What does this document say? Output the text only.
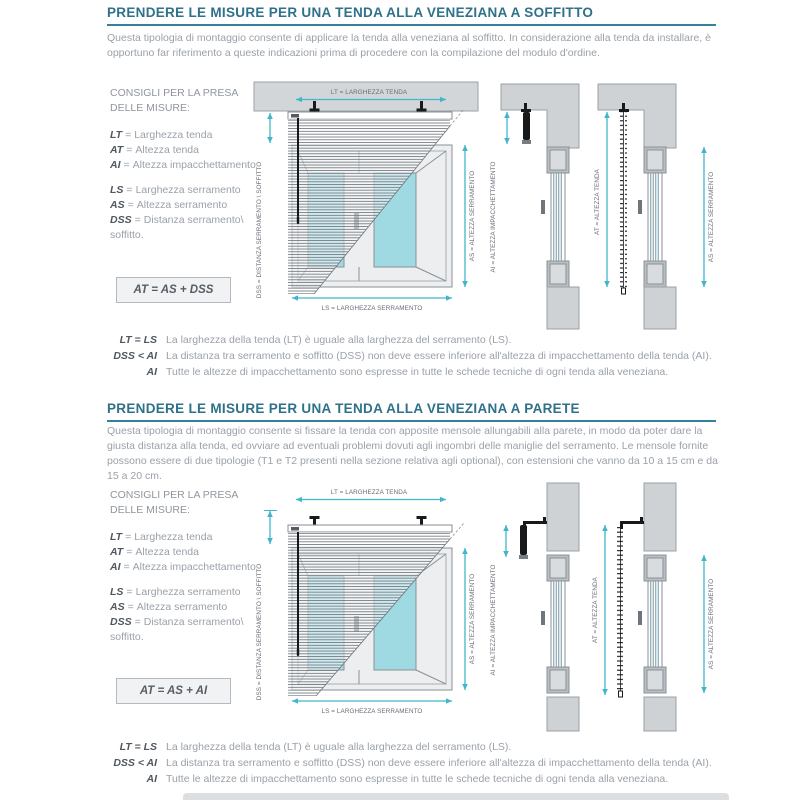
PRENDERE LE MISURE PER UNA TENDA ALLA VENEZIANA A SOFFITTO

Questa tipologia di montaggio consente di applicare la tenda alla veneziana al soffitto. In considerazione alla tenda da installare, è opportuno far riferimento a queste indicazioni prima di procedere con la compilazione del modulo d'ordine.

CONSIGLI PER LA PRESA
DELLE MISURE:
LT = Larghezza tenda
AT = Altezza tenda
AI = Altezza impacchettamento
LS = Larghezza serramento
AS = Altezza serramento
DSS = Distanza serramento\
soffitto.
AT = AS + DSS
LT = LARGHEZZA TENDA
DSS = DISTANZA SERRAMENTO \ SOFFITTO	AS = ALTEZZA SERRAMENTO
LS = LARGHEZZA SERRAMENTO
AI = ALTEZZA IMPACCHETTAMENTO	AT = ALTEZZA TENDA	AS = ALTEZZA SERRAMENTO
LT = LS La larghezza della tenda (LT) è uguale alla larghezza del serramento (LS).
DSS < AI La distanza tra serramento e soffitto (DSS) non deve essere inferiore all'altezza di impacchettamento della tenda (AI).
AI Tutte le altezze di impacchettamento sono espresse in tutte le schede tecniche di ogni tenda alla veneziana.
PRENDERE LE MISURE PER UNA TENDA ALLA VENEZIANA A PARETE

Questa tipologia di montaggio consente si fissare la tenda con apposite mensole allungabili alla parete, in modo da poter dare la giusta distanza alla tenda, ed ovviare ad eventuali problemi dovuti agli ingombri delle maniglie del serramento. Le mensole fornite possono essere di due tipologie (T1 e T2 presenti nella sezione relativa agli optional), con estensioni che vanno da 10 a 15 cm e da 15 a 20 cm.

CONSIGLI PER LA PRESA
DELLE MISURE:
LT = Larghezza tenda
AT = Altezza tenda
AI = Altezza impacchettamento
LS = Larghezza serramento
AS = Altezza serramento
DSS = Distanza serramento\
soffitto.
AT = AS + AI
LT = LARGHEZZA TENDA
DSS = DISTANZA SERRAMENTO \ SOFFITTO	AS = ALTEZZA SERRAMENTO
LS = LARGHEZZA SERRAMENTO
AI = ALTEZZA IMPACCHETTAMENTO	AT = ALTEZZA TENDA	AS = ALTEZZA SERRAMENTO
LT = LS La larghezza della tenda (LT) è uguale alla larghezza del serramento (LS).
DSS < AI La distanza tra serramento e soffitto (DSS) non deve essere inferiore all'altezza di impacchettamento della tenda (AI).
AI Tutte le altezze di impacchettamento sono espresse in tutte le schede tecniche di ogni tenda alla veneziana.
